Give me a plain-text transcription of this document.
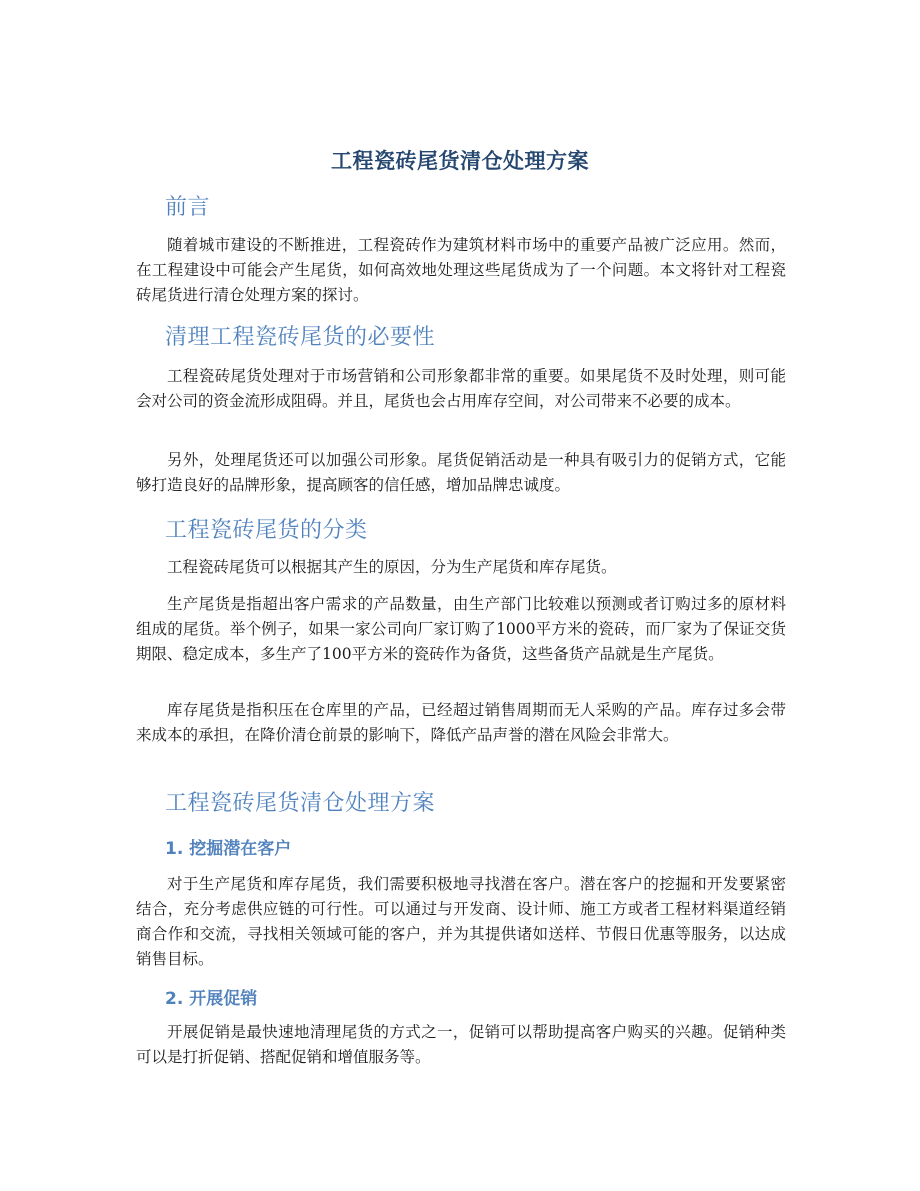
工程瓷砖尾货清仓处理方案
前言
随着城市建设的不断推进，工程瓷砖作为建筑材料市场中的重要产品被广泛应用。然而，在工程建设中可能会产生尾货，如何高效地处理这些尾货成为了一个问题。本文将针对工程瓷砖尾货进行清仓处理方案的探讨。
清理工程瓷砖尾货的必要性
工程瓷砖尾货处理对于市场营销和公司形象都非常的重要。如果尾货不及时处理，则可能会对公司的资金流形成阻碍。并且，尾货也会占用库存空间，对公司带来不必要的成本。
另外，处理尾货还可以加强公司形象。尾货促销活动是一种具有吸引力的促销方式，它能够打造良好的品牌形象，提高顾客的信任感，增加品牌忠诚度。
工程瓷砖尾货的分类
工程瓷砖尾货可以根据其产生的原因，分为生产尾货和库存尾货。
生产尾货是指超出客户需求的产品数量，由生产部门比较难以预测或者订购过多的原材料组成的尾货。举个例子，如果一家公司向厂家订购了1000平方米的瓷砖，而厂家为了保证交货期限、稳定成本，多生产了100平方米的瓷砖作为备货，这些备货产品就是生产尾货。
库存尾货是指积压在仓库里的产品，已经超过销售周期而无人采购的产品。库存过多会带来成本的承担，在降价清仓前景的影响下，降低产品声誉的潜在风险会非常大。
工程瓷砖尾货清仓处理方案
1. 挖掘潜在客户
对于生产尾货和库存尾货，我们需要积极地寻找潜在客户。潜在客户的挖掘和开发要紧密结合，充分考虑供应链的可行性。可以通过与开发商、设计师、施工方或者工程材料渠道经销商合作和交流，寻找相关领域可能的客户，并为其提供诸如送样、节假日优惠等服务，以达成销售目标。
2. 开展促销
开展促销是最快速地清理尾货的方式之一，促销可以帮助提高客户购买的兴趣。促销种类可以是打折促销、搭配促销和增值服务等。
